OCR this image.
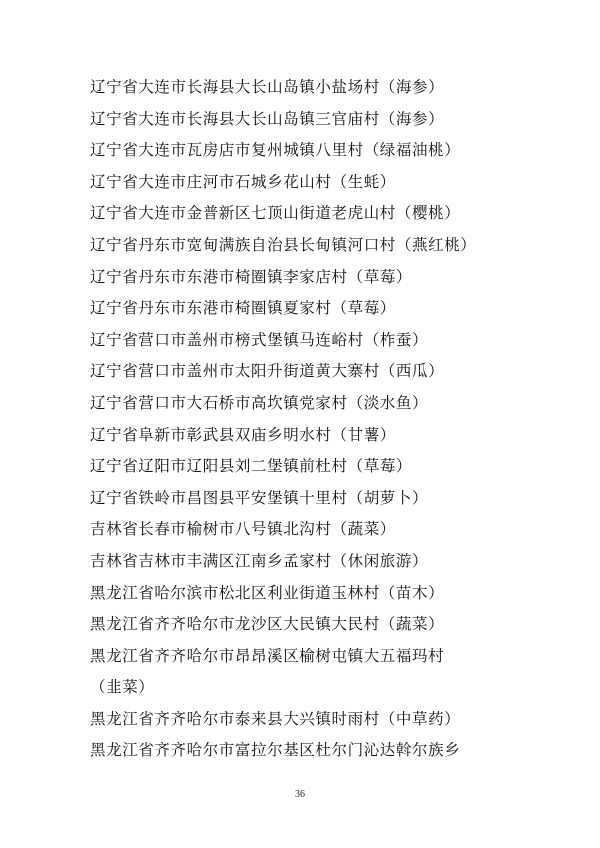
辽宁省大连市长海县大长山岛镇小盐场村（海参）
辽宁省大连市长海县大长山岛镇三官庙村（海参）
辽宁省大连市瓦房店市复州城镇八里村（绿福油桃）
辽宁省大连市庄河市石城乡花山村（生蚝）
辽宁省大连市金普新区七顶山街道老虎山村（樱桃）
辽宁省丹东市宽甸满族自治县长甸镇河口村（燕红桃）
辽宁省丹东市东港市椅圈镇李家店村（草莓）
辽宁省丹东市东港市椅圈镇夏家村（草莓）
辽宁省营口市盖州市榜式堡镇马连峪村（柞蚕）
辽宁省营口市盖州市太阳升街道黄大寨村（西瓜）
辽宁省营口市大石桥市高坎镇党家村（淡水鱼）
辽宁省阜新市彰武县双庙乡明水村（甘薯）
辽宁省辽阳市辽阳县刘二堡镇前杜村（草莓）
辽宁省铁岭市昌图县平安堡镇十里村（胡萝卜）
吉林省长春市榆树市八号镇北沟村（蔬菜）
吉林省吉林市丰满区江南乡孟家村（休闲旅游）
黑龙江省哈尔滨市松北区利业街道玉林村（苗木）
黑龙江省齐齐哈尔市龙沙区大民镇大民村（蔬菜）
黑龙江省齐齐哈尔市昂昂溪区榆树屯镇大五福玛村
（韭菜）
黑龙江省齐齐哈尔市泰来县大兴镇时雨村（中草药）
黑龙江省齐齐哈尔市富拉尔基区杜尔门沁达斡尔族乡
36
